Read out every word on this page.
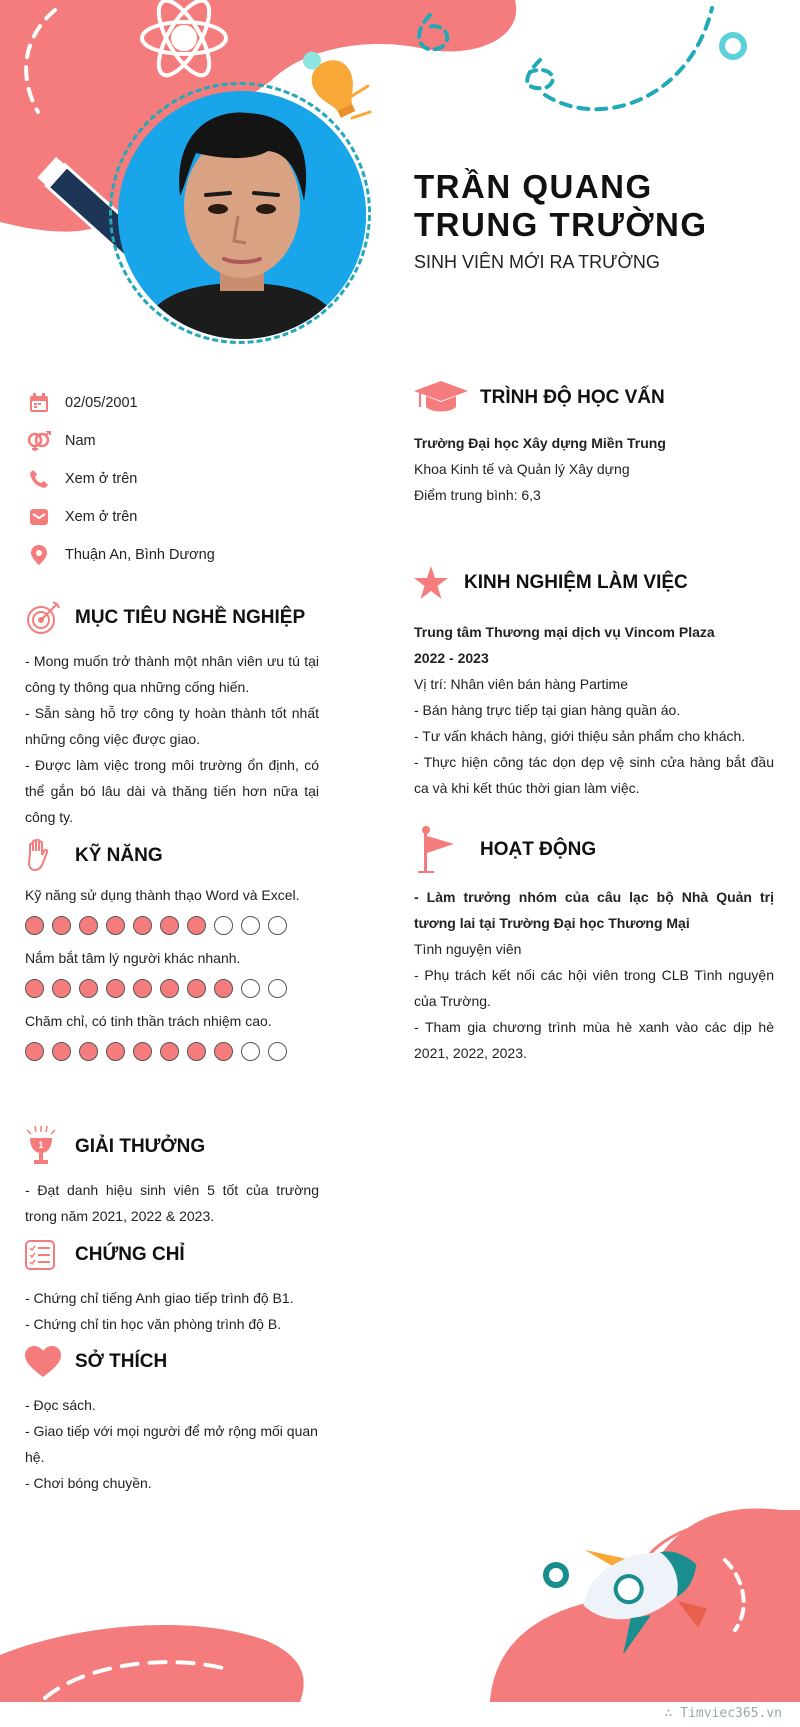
TRẦN QUANG TRUNG TRƯỜNG

SINH VIÊN MỚI RA TRƯỜNG

02/05/2001
Nam
Xem ở trên
Xem ở trên
Thuận An, Bình Dương
MỤC TIÊU NGHỀ NGHIỆP

- Mong muốn trở thành một nhân viên ưu tú tại công ty thông qua những cống hiến.

- Sẵn sàng hỗ trợ công ty hoàn thành tốt nhất những công việc được giao.

- Được làm việc trong môi trường ổn định, có thể gắn bó lâu dài và thăng tiến hơn nữa tại công ty.

KỸ NĂNG
Kỹ năng sử dụng thành thạo Word và Excel.
Nắm bắt tâm lý người khác nhanh.
Chăm chỉ, có tinh thần trách nhiệm cao.
1 GIẢI THƯỞNG

- Đạt danh hiệu sinh viên 5 tốt của trường trong năm 2021, 2022 & 2023.

CHỨNG CHỈ

- Chứng chỉ tiếng Anh giao tiếp trình độ B1.

- Chứng chỉ tin học văn phòng trình độ B.

SỞ THÍCH

- Đọc sách.

- Giao tiếp với mọi người để mở rộng mối quan hệ.

- Chơi bóng chuyền.

TRÌNH ĐỘ HỌC VẤN

Trường Đại học Xây dựng Miền Trung

Khoa Kinh tế và Quản lý Xây dựng

Điểm trung bình: 6,3

KINH NGHIỆM LÀM VIỆC

Trung tâm Thương mại dịch vụ Vincom Plaza

2022 - 2023

Vị trí: Nhân viên bán hàng Partime

- Bán hàng trực tiếp tại gian hàng quần áo.

- Tư vấn khách hàng, giới thiệu sản phẩm cho khách.

- Thực hiện công tác dọn dẹp vệ sinh cửa hàng bắt đầu ca và khi kết thúc thời gian làm việc.

HOẠT ĐỘNG

- Làm trưởng nhóm của câu lạc bộ Nhà Quản trị tương lai tại Trường Đại học Thương Mại

Tình nguyện viên

- Phụ trách kết nối các hội viên trong CLB Tình nguyện của Trường.

- Tham gia chương trình mùa hè xanh vào các dịp hè 2021, 2022, 2023.

∴ Timviec365.vn
